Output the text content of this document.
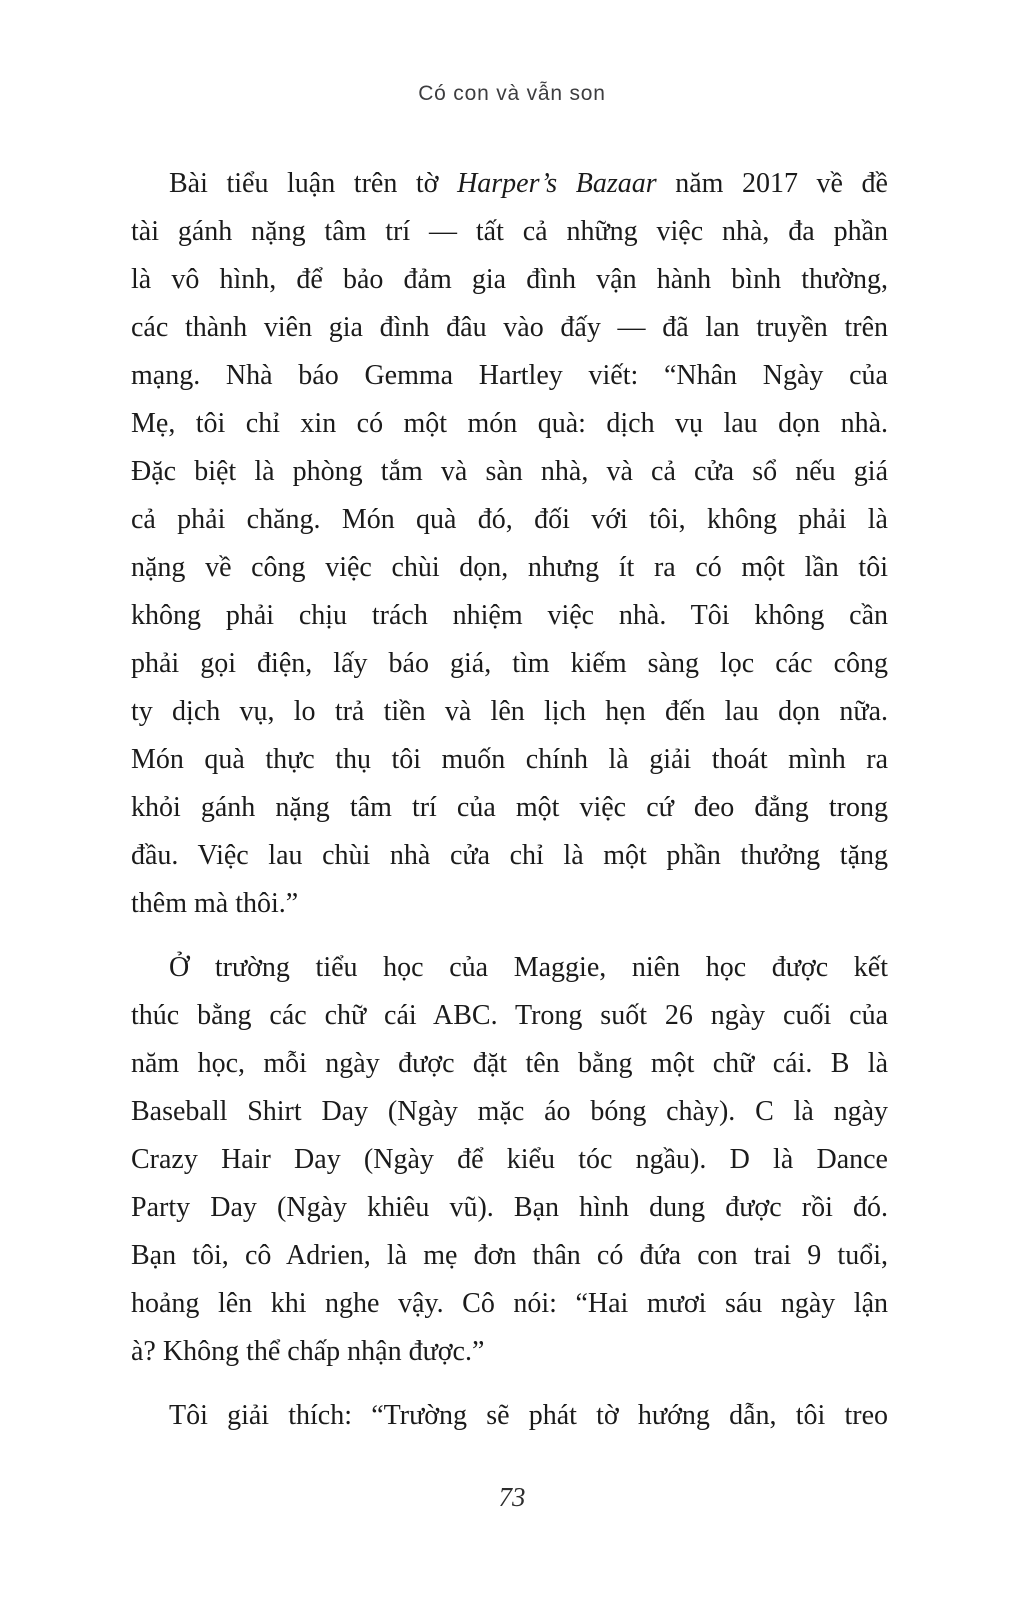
Có con và vẫn son
Bài tiểu luận trên tờ Harper’s Bazaar năm 2017 về đề
tài gánh nặng tâm trí — tất cả những việc nhà, đa phần
là vô hình, để bảo đảm gia đình vận hành bình thường,
các thành viên gia đình đâu vào đấy — đã lan truyền trên
mạng. Nhà báo Gemma Hartley viết: “Nhân Ngày của
Mẹ, tôi chỉ xin có một món quà: dịch vụ lau dọn nhà.
Đặc biệt là phòng tắm và sàn nhà, và cả cửa sổ nếu giá
cả phải chăng. Món quà đó, đối với tôi, không phải là
nặng về công việc chùi dọn, nhưng ít ra có một lần tôi
không phải chịu trách nhiệm việc nhà. Tôi không cần
phải gọi điện, lấy báo giá, tìm kiếm sàng lọc các công
ty dịch vụ, lo trả tiền và lên lịch hẹn đến lau dọn nữa.
Món quà thực thụ tôi muốn chính là giải thoát mình ra
khỏi gánh nặng tâm trí của một việc cứ đeo đẳng trong
đầu. Việc lau chùi nhà cửa chỉ là một phần thưởng tặng
thêm mà thôi.”
Ở trường tiểu học của Maggie, niên học được kết
thúc bằng các chữ cái ABC. Trong suốt 26 ngày cuối của
năm học, mỗi ngày được đặt tên bằng một chữ cái. B là
Baseball Shirt Day (Ngày mặc áo bóng chày). C là ngày
Crazy Hair Day (Ngày để kiểu tóc ngầu). D là Dance
Party Day (Ngày khiêu vũ). Bạn hình dung được rồi đó.
Bạn tôi, cô Adrien, là mẹ đơn thân có đứa con trai 9 tuổi,
hoảng lên khi nghe vậy. Cô nói: “Hai mươi sáu ngày lận
à? Không thể chấp nhận được.”
Tôi giải thích: “Trường sẽ phát tờ hướng dẫn, tôi treo
73
